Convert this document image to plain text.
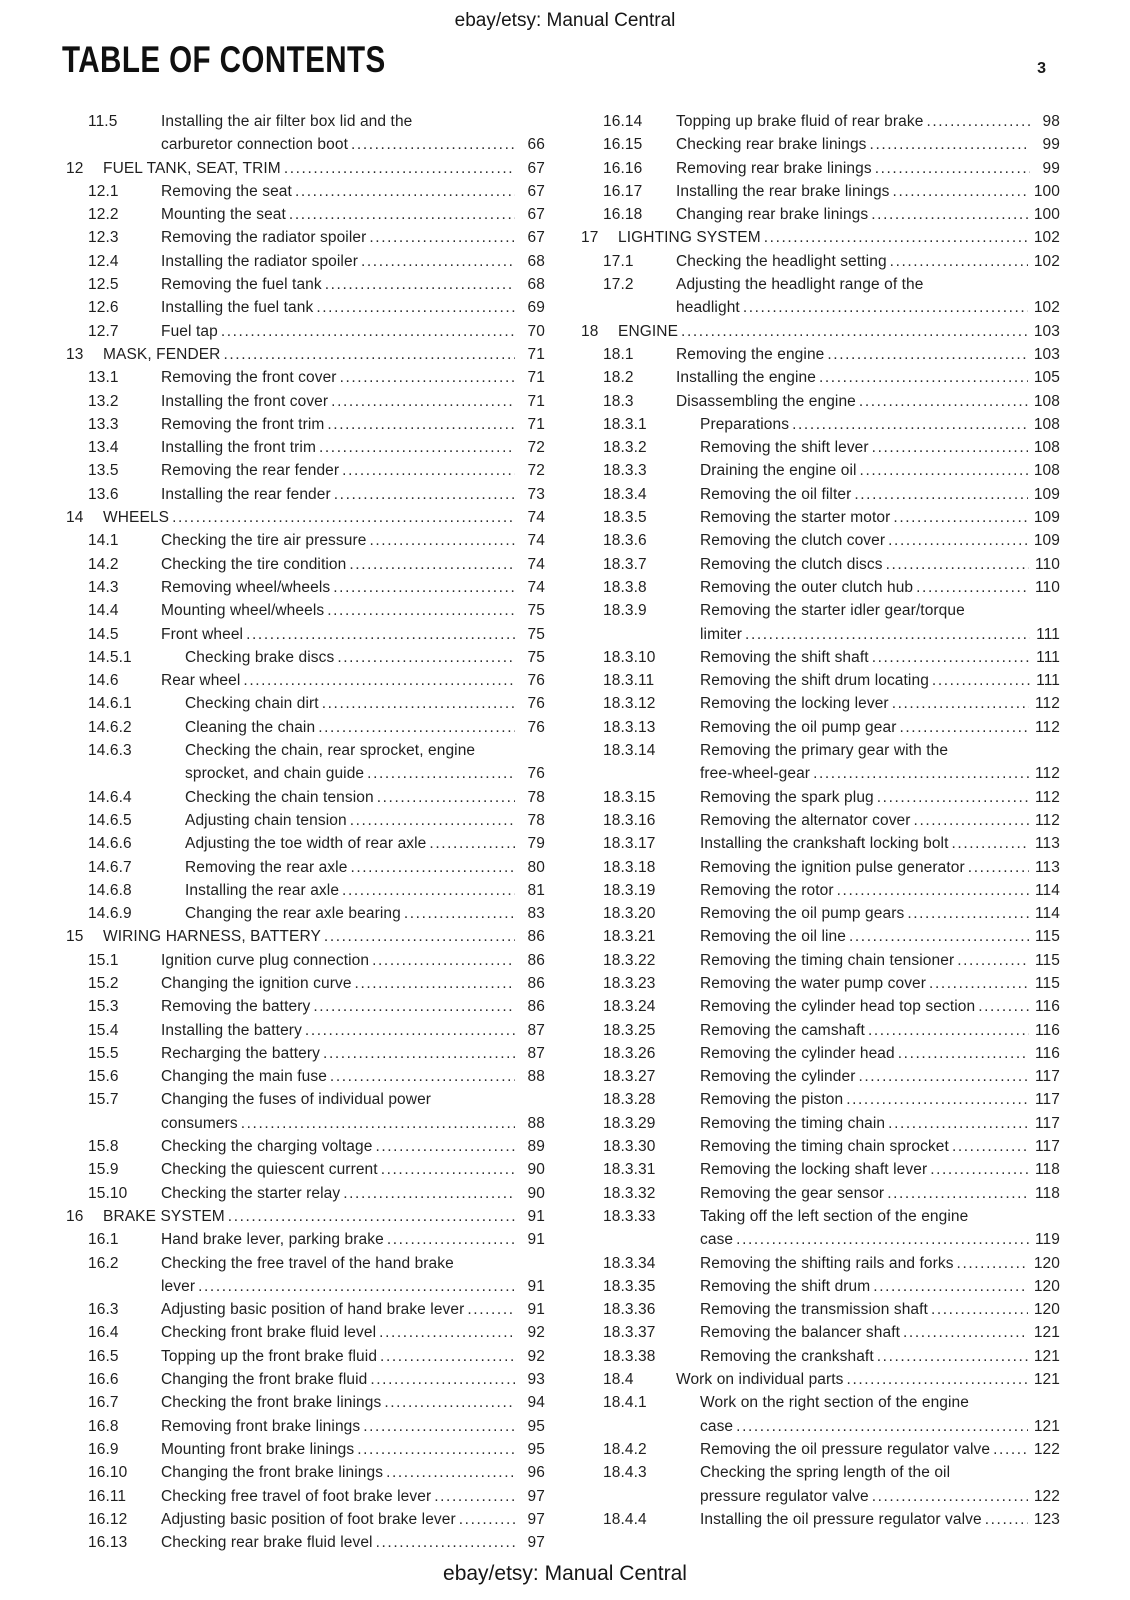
ebay/etsy: Manual Central
TABLE OF CONTENTS	3
11.5	Installing the air filter box lid and the
carburetor connection boot .....	66
12	FUEL TANK, SEAT, TRIM .....	67
12.1	Removing the seat .....	67
12.2	Mounting the seat .....	67
12.3	Removing the radiator spoiler .....	67
12.4	Installing the radiator spoiler .....	68
12.5	Removing the fuel tank .....	68
12.6	Installing the fuel tank .....	69
12.7	Fuel tap .....	70
13	MASK, FENDER .....	71
13.1	Removing the front cover .....	71
13.2	Installing the front cover .....	71
13.3	Removing the front trim .....	71
13.4	Installing the front trim .....	72
13.5	Removing the rear fender .....	72
13.6	Installing the rear fender .....	73
14	WHEELS .....	74
14.1	Checking the tire air pressure .....	74
14.2	Checking the tire condition .....	74
14.3	Removing wheel/wheels .....	74
14.4	Mounting wheel/wheels .....	75
14.5	Front wheel .....	75
14.5.1	Checking brake discs .....	75
14.6	Rear wheel .....	76
14.6.1	Checking chain dirt .....	76
14.6.2	Cleaning the chain .....	76
14.6.3	Checking the chain, rear sprocket, engine
sprocket, and chain guide .....	76
14.6.4	Checking the chain tension .....	78
14.6.5	Adjusting chain tension .....	78
14.6.6	Adjusting the toe width of rear axle .....	79
14.6.7	Removing the rear axle .....	80
14.6.8	Installing the rear axle .....	81
14.6.9	Changing the rear axle bearing .....	83
15	WIRING HARNESS, BATTERY .....	86
15.1	Ignition curve plug connection .....	86
15.2	Changing the ignition curve .....	86
15.3	Removing the battery .....	86
15.4	Installing the battery .....	87
15.5	Recharging the battery .....	87
15.6	Changing the main fuse .....	88
15.7	Changing the fuses of individual power
consumers .....	88
15.8	Checking the charging voltage .....	89
15.9	Checking the quiescent current .....	90
15.10	Checking the starter relay .....	90
16	BRAKE SYSTEM .....	91
16.1	Hand brake lever, parking brake .....	91
16.2	Checking the free travel of the hand brake
lever .....	91
16.3	Adjusting basic position of hand brake lever .....	91
16.4	Checking front brake fluid level .....	92
16.5	Topping up the front brake fluid .....	92
16.6	Changing the front brake fluid .....	93
16.7	Checking the front brake linings .....	94
16.8	Removing front brake linings .....	95
16.9	Mounting front brake linings .....	95
16.10	Changing the front brake linings .....	96
16.11	Checking free travel of foot brake lever .....	97
16.12	Adjusting basic position of foot brake lever .....	97
16.13	Checking rear brake fluid level .....	97
16.14	Topping up brake fluid of rear brake .....	98
16.15	Checking rear brake linings .....	99
16.16	Removing rear brake linings .....	99
16.17	Installing the rear brake linings .....	100
16.18	Changing rear brake linings .....	100
17	LIGHTING SYSTEM .....	102
17.1	Checking the headlight setting .....	102
17.2	Adjusting the headlight range of the
headlight .....	102
18	ENGINE .....	103
18.1	Removing the engine .....	103
18.2	Installing the engine .....	105
18.3	Disassembling the engine .....	108
18.3.1	Preparations .....	108
18.3.2	Removing the shift lever .....	108
18.3.3	Draining the engine oil .....	108
18.3.4	Removing the oil filter .....	109
18.3.5	Removing the starter motor .....	109
18.3.6	Removing the clutch cover .....	109
18.3.7	Removing the clutch discs .....	110
18.3.8	Removing the outer clutch hub .....	110
18.3.9	Removing the starter idler gear/torque
limiter .....	111
18.3.10	Removing the shift shaft .....	111
18.3.11	Removing the shift drum locating .....	111
18.3.12	Removing the locking lever .....	112
18.3.13	Removing the oil pump gear .....	112
18.3.14	Removing the primary gear with the
free-wheel-gear .....	112
18.3.15	Removing the spark plug .....	112
18.3.16	Removing the alternator cover .....	112
18.3.17	Installing the crankshaft locking bolt .....	113
18.3.18	Removing the ignition pulse generator .....	113
18.3.19	Removing the rotor .....	114
18.3.20	Removing the oil pump gears .....	114
18.3.21	Removing the oil line .....	115
18.3.22	Removing the timing chain tensioner .....	115
18.3.23	Removing the water pump cover .....	115
18.3.24	Removing the cylinder head top section .....	116
18.3.25	Removing the camshaft .....	116
18.3.26	Removing the cylinder head .....	116
18.3.27	Removing the cylinder .....	117
18.3.28	Removing the piston .....	117
18.3.29	Removing the timing chain .....	117
18.3.30	Removing the timing chain sprocket .....	117
18.3.31	Removing the locking shaft lever .....	118
18.3.32	Removing the gear sensor .....	118
18.3.33	Taking off the left section of the engine
case .....	119
18.3.34	Removing the shifting rails and forks .....	120
18.3.35	Removing the shift drum .....	120
18.3.36	Removing the transmission shaft .....	120
18.3.37	Removing the balancer shaft .....	121
18.3.38	Removing the crankshaft .....	121
18.4	Work on individual parts .....	121
18.4.1	Work on the right section of the engine
case .....	121
18.4.2	Removing the oil pressure regulator valve .....	122
18.4.3	Checking the spring length of the oil
pressure regulator valve .....	122
18.4.4	Installing the oil pressure regulator valve .....	123
ebay/etsy: Manual Central
